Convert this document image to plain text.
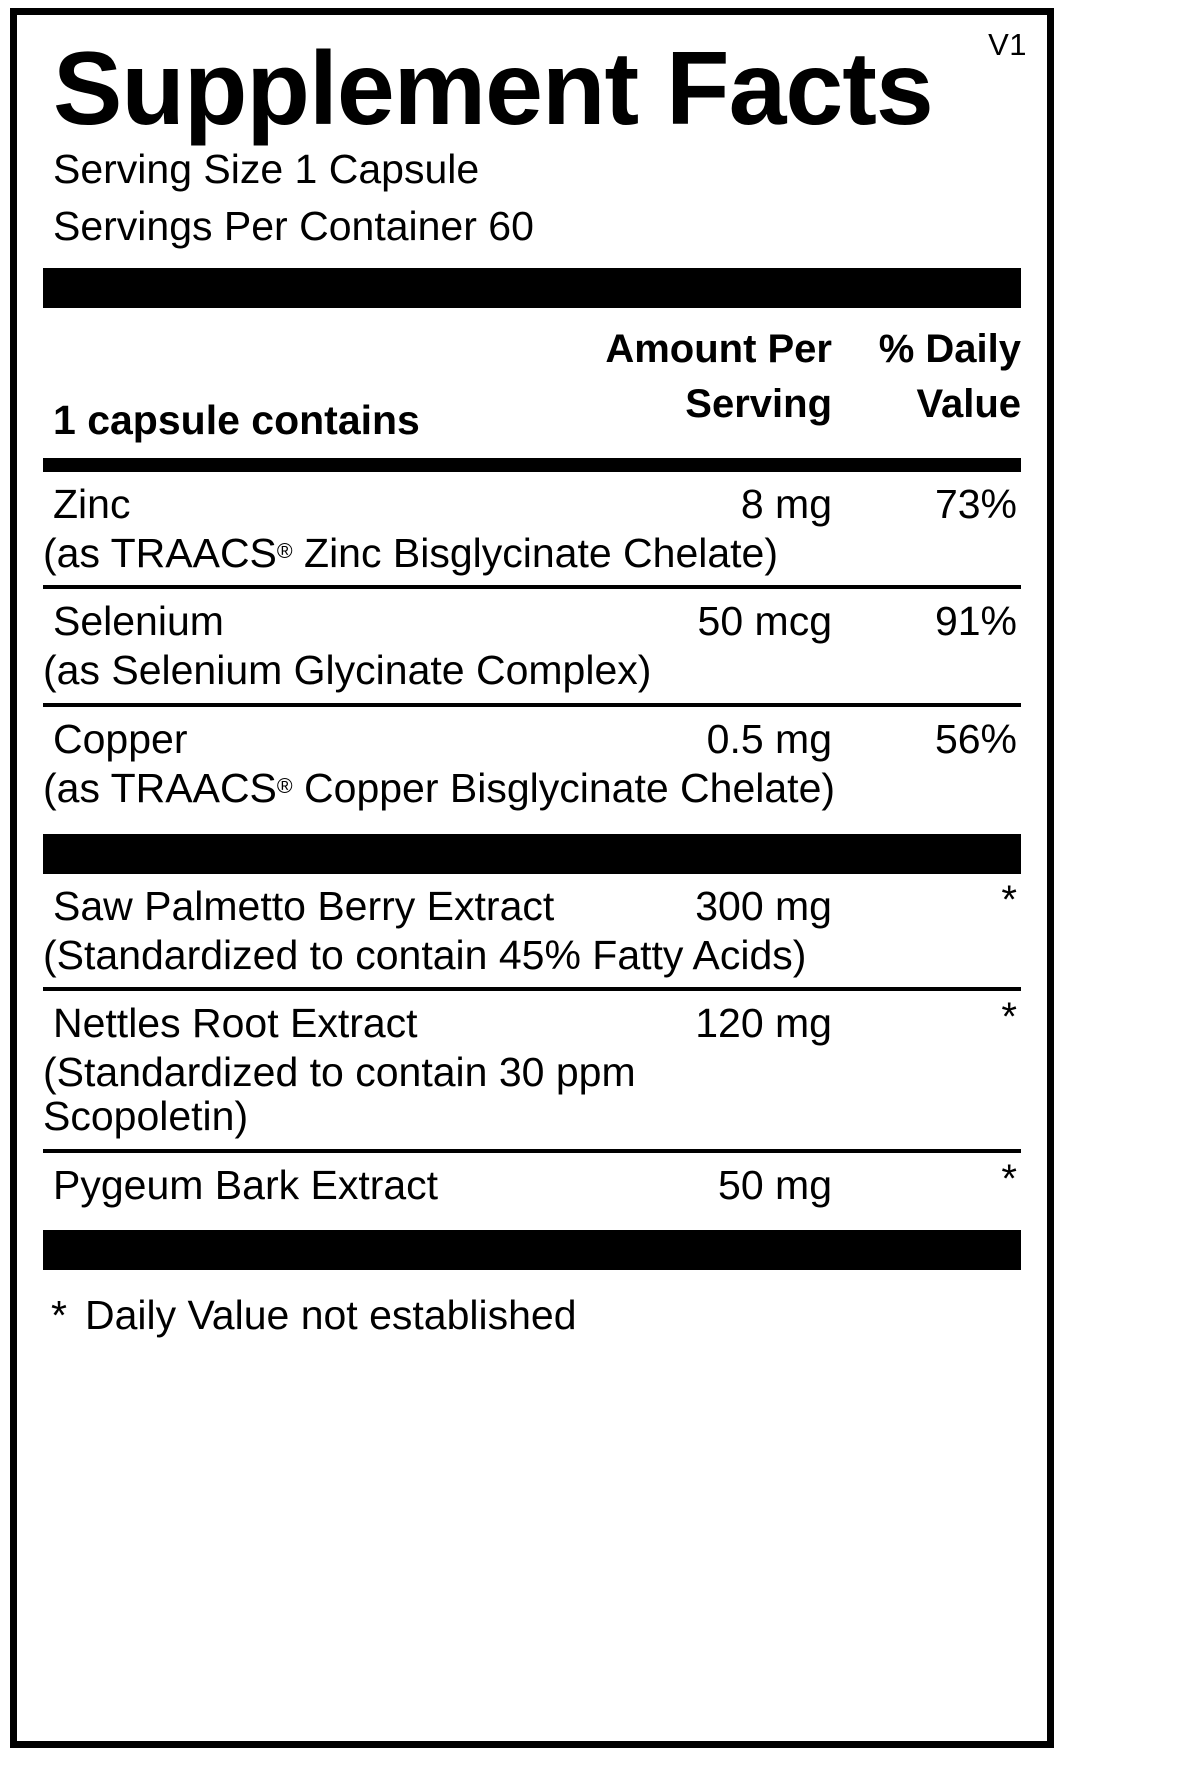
V1
Supplement Facts
Serving Size 1 Capsule
Servings Per Container 60
Amount Per
Serving
% Daily
Value
1 capsule contains
Zinc
(as TRAACS® Zinc Bisglycinate Chelate)
8 mg	73%
Selenium
(as Selenium Glycinate Complex)
50 mcg	91%
Copper
(as TRAACS® Copper Bisglycinate Chelate)
0.5 mg	56%
Saw Palmetto Berry Extract
(Standardized to contain 45% Fatty Acids)
300 mg	*
Nettles Root Extract
(Standardized to contain 30 ppm Scopoletin)
120 mg	*
Pygeum Bark Extract	50 mg	*
* Daily Value not established
